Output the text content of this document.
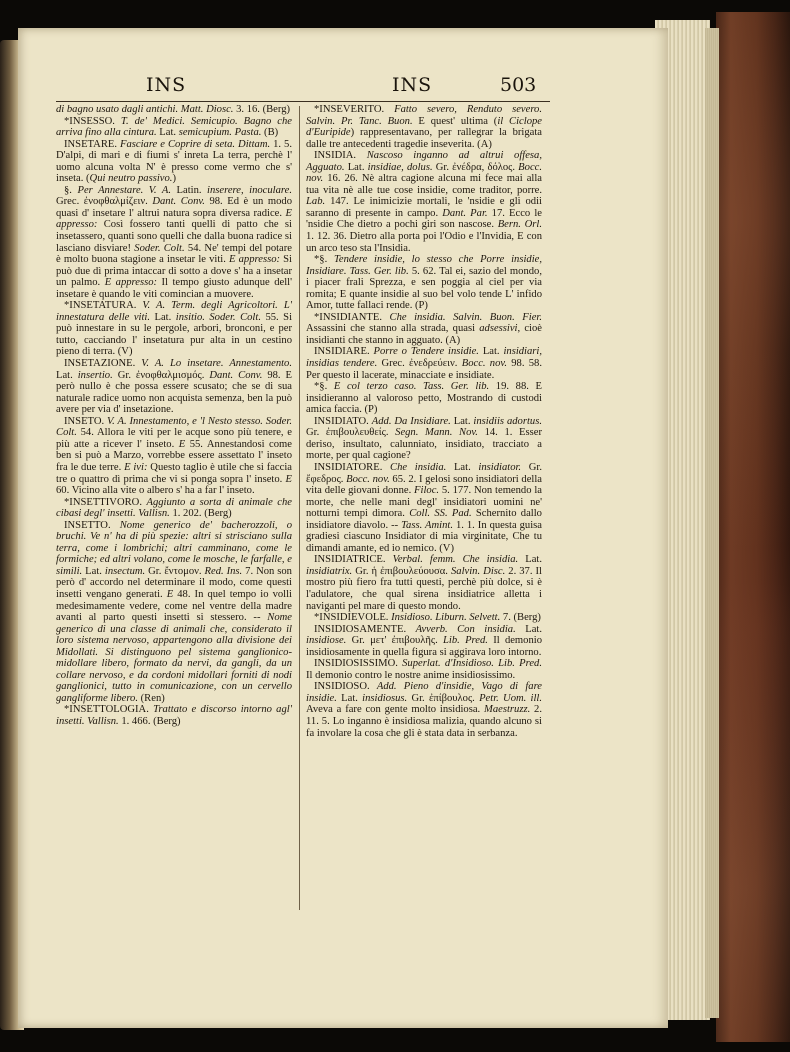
INS	INS	503

di bagno usato dagli antichi. Matt. Diosc. 3. 16. (Berg)

*INSESSO. T. de' Medici. Semicupio. Bagno che arriva fino alla cintura. Lat. semicupium. Pasta. (B)

INSETARE. Fasciare e Coprire di seta. Dittam. 1. 5. D'alpi, di mari e di fiumi s' inreta La terra, perchè l' uomo alcuna volta N' è presso come vermo che s' inseta. (Qui neutro passivo.)

§. Per Annestare. V. A. Latin. inserere, inoculare. Grec. ἐνοφθαλμίζειν. Dant. Conv. 98. Ed è un modo quasi d' insetare l' altrui natura sopra diversa radice. E appresso: Così fossero tanti quelli di patto che si insetassero, quanti sono quelli che dalla buona radice si lasciano disviare! Soder. Colt. 54. Ne' tempi del potare è molto buona stagione a insetar le viti. E appresso: Si può due dì prima intaccar di sotto a dove s' ha a insetar un palmo. E appresso: Il tempo giusto adunque dell' insetare è quando le viti comincian a muovere.

*INSETATURA. V. A. Term. degli Agricoltori. L' innestatura delle viti. Lat. insitio. Soder. Colt. 55. Si può innestare in su le pergole, arbori, bronconi, e per tutto, cacciando l' insetatura pur alta in un cestino pieno di terra. (V)

INSETAZIONE. V. A. Lo insetare. Annestamento. Lat. insertio. Gr. ἐνοφθαλμισμός. Dant. Conv. 98. E però nullo è che possa essere scusato; che se di sua naturale radice uomo non acquista semenza, ben la può avere per via d' insetazione.

INSETO. V. A. Innestamento, e 'l Nesto stesso. Soder. Colt. 54. Allora le viti per le acque sono più tenere, e più atte a ricever l' inseto. E 55. Annestandosi come ben si può a Marzo, vorrebbe essere assettato l' inseto fra le due terre. E ivi: Questo taglio è utile che si faccia tre o quattro dì prima che vi si ponga sopra l' inseto. E 60. Vicino alla vite o albero s' ha a far l' inseto.

*INSETTIVORO. Aggiunto a sorta di animale che cibasi degl' insetti. Vallisn. 1. 202. (Berg)

INSETTO. Nome generico de' bacherozzoli, o bruchi. Ve n' ha di più spezie: altri si strisciano sulla terra, come i lombrichi; altri camminano, come le formiche; ed altri volano, come le mosche, le farfalle, e simili. Lat. insectum. Gr. ἔντομον. Red. Ins. 7. Non son però d' accordo nel determinare il modo, come questi insetti vengano generati. E 48. In quel tempo io volli medesimamente vedere, come nel ventre della madre avanti al parto questi insetti si stessero. -- Nome generico di una classe di animali che, considerato il loro sistema nervoso, appartengono alla divisione dei Midollati. Si distinguono pel sistema ganglionico-midollare libero, formato da nervi, da gangli, da un collare nervoso, e da cordoni midollari forniti di nodi ganglionici, tutto in comunicazione, con un cervello gangliforme libero. (Ren)

*INSETTOLOGIA. Trattato e discorso intorno agl' insetti. Vallisn. 1. 466. (Berg)

*INSEVERITO. Fatto severo, Renduto severo. Salvin. Pr. Tanc. Buon. E quest' ultima (il Ciclope d'Euripide) rappresentavano, per rallegrar la brigata dalle tre antecedenti tragedie inseverita. (A)

INSIDIA. Nascoso inganno ad altrui offesa, Agguato. Lat. insidiae, dolus. Gr. ἐνέδρα, δόλος. Bocc. nov. 16. 26. Nè altra cagione alcuna mi fece mai alla tua vita nè alle tue cose insidie, come traditor, porre. Lab. 147. Le inimicizie mortali, le 'nsidie e gli odii saranno di presente in campo. Dant. Par. 17. Ecco le 'nsidie Che dietro a pochi giri son nascose. Bern. Orl. 1. 12. 36. Dietro alla porta poi l'Odio e l'Invidia, E con un arco teso sta l'Insidia.

*§. Tendere insidie, lo stesso che Porre insidie, Insidiare. Tass. Ger. lib. 5. 62. Tal ei, sazio del mondo, i piacer frali Sprezza, e sen poggia al ciel per via romita; E quante insidie al suo bel volo tende L' infido Amor, tutte fallaci rende. (P)

*INSIDIANTE. Che insidia. Salvin. Buon. Fier. Assassini che stanno alla strada, quasi adsessivi, cioè insidianti che stanno in agguato. (A)

INSIDIARE. Porre o Tendere insidie. Lat. insidiari, insidias tendere. Grec. ἐνεδρεύειν. Bocc. nov. 98. 58. Per questo il lacerate, minacciate e insidiate.

*§. E col terzo caso. Tass. Ger. lib. 19. 88. E insidieranno al valoroso petto, Mostrando di custodi amica faccia. (P)

INSIDIATO. Add. Da Insidiare. Lat. insidiis adortus. Gr. ἐπιβουλευθείς. Segn. Mann. Nov. 14. 1. Esser deriso, insultato, calunniato, insidiato, tracciato a morte, per qual cagione?

INSIDIATORE. Che insidia. Lat. insidiator. Gr. ἔφεδρος. Bocc. nov. 65. 2. I gelosi sono insidiatori della vita delle giovani donne. Filoc. 5. 177. Non temendo la morte, che nelle mani degl' insidiatori uomini ne' notturni tempi dimora. Coll. SS. Pad. Schernito dallo insidiatore diavolo. -- Tass. Amint. 1. 1. In questa guisa gradiesi ciascuno Insidiator di mia virginitate, Che tu dimandi amante, ed io nemico. (V)

INSIDIATRICE. Verbal. femm. Che insidia. Lat. insidiatrix. Gr. ἡ ἐπιβουλεύουσα. Salvin. Disc. 2. 37. Il mostro più fiero fra tutti questi, perchè più dolce, si è l'adulatore, che qual sirena insidiatrice alletta i naviganti pel mare di questo mondo.

*INSIDIEVOLE. Insidioso. Liburn. Selvett. 7. (Berg)

INSIDIOSAMENTE. Avverb. Con insidia. Lat. insidiose. Gr. μετ' ἐπιβουλῆς. Lib. Pred. Il demonio insidiosamente in quella figura si aggirava loro intorno.

INSIDIOSISSIMO. Superlat. d'Insidioso. Lib. Pred. Il demonio contro le nostre anime insidiosissimo.

INSIDIOSO. Add. Pieno d'insidie, Vago di fare insidie. Lat. insidiosus. Gr. ἐπίβουλος. Petr. Uom. ill. Aveva a fare con gente molto insidiosa. Maestruzz. 2. 11. 5. Lo inganno è insidiosa malizia, quando alcuno si fa involare la cosa che gli è stata data in serbanza.
